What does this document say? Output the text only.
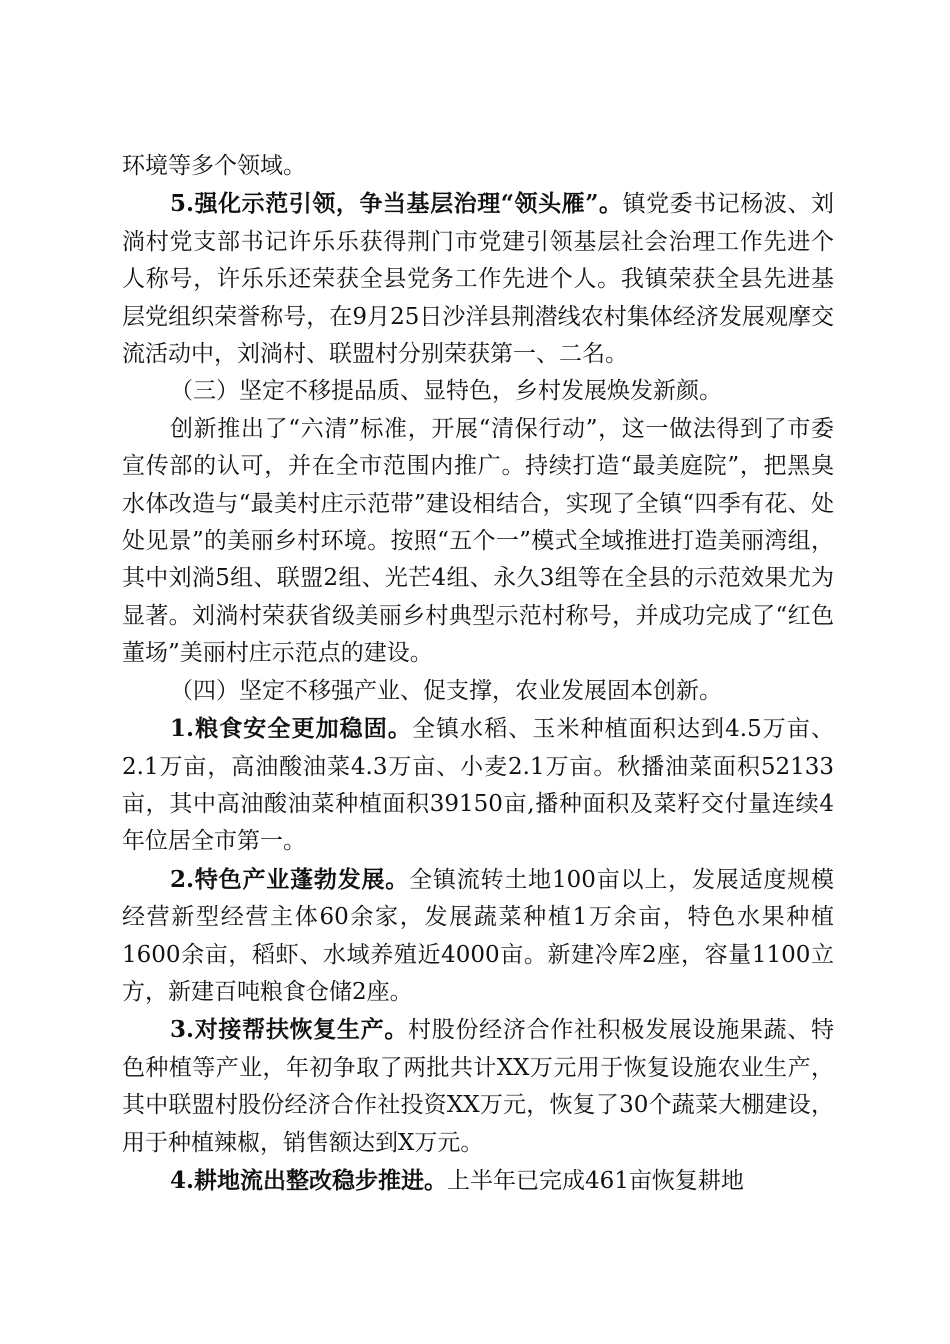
环境等多个领域。

5.强化示范引领，争当基层治理“领头雁”。镇党委书记杨波、刘淌村党支部书记许乐乐获得荆门市党建引领基层社会治理工作先进个人称号，许乐乐还荣获全县党务工作先进个人。我镇荣获全县先进基层党组织荣誉称号，在9月25日沙洋县荆潜线农村集体经济发展观摩交流活动中，刘淌村、联盟村分别荣获第一、二名。

（三）坚定不移提品质、显特色，乡村发展焕发新颜。

创新推出了“六清”标准，开展“清保行动”，这一做法得到了市委宣传部的认可，并在全市范围内推广。持续打造“最美庭院”，把黑臭水体改造与“最美村庄示范带”建设相结合，实现了全镇“四季有花、处处见景”的美丽乡村环境。按照“五个一”模式全域推进打造美丽湾组，其中刘淌5组、联盟2组、光芒4组、永久3组等在全县的示范效果尤为显著。刘淌村荣获省级美丽乡村典型示范村称号，并成功完成了“红色董场”美丽村庄示范点的建设。

（四）坚定不移强产业、促支撑，农业发展固本创新。

1.粮食安全更加稳固。全镇水稻、玉米种植面积达到4.5万亩、2.1万亩，高油酸油菜4.3万亩、小麦2.1万亩。秋播油菜面积52133亩，其中高油酸油菜种植面积39150亩,播种面积及菜籽交付量连续4年位居全市第一。

2.特色产业蓬勃发展。全镇流转土地100亩以上，发展适度规模经营新型经营主体60余家，发展蔬菜种植1万余亩，特色水果种植1600余亩，稻虾、水域养殖近4000亩。新建冷库2座，容量1100立方，新建百吨粮食仓储2座。

3.对接帮扶恢复生产。村股份经济合作社积极发展设施果蔬、特色种植等产业，年初争取了两批共计XX万元用于恢复设施农业生产，其中联盟村股份经济合作社投资XX万元，恢复了30个蔬菜大棚建设，用于种植辣椒，销售额达到X万元。

4.耕地流出整改稳步推进。上半年已完成461亩恢复耕地
